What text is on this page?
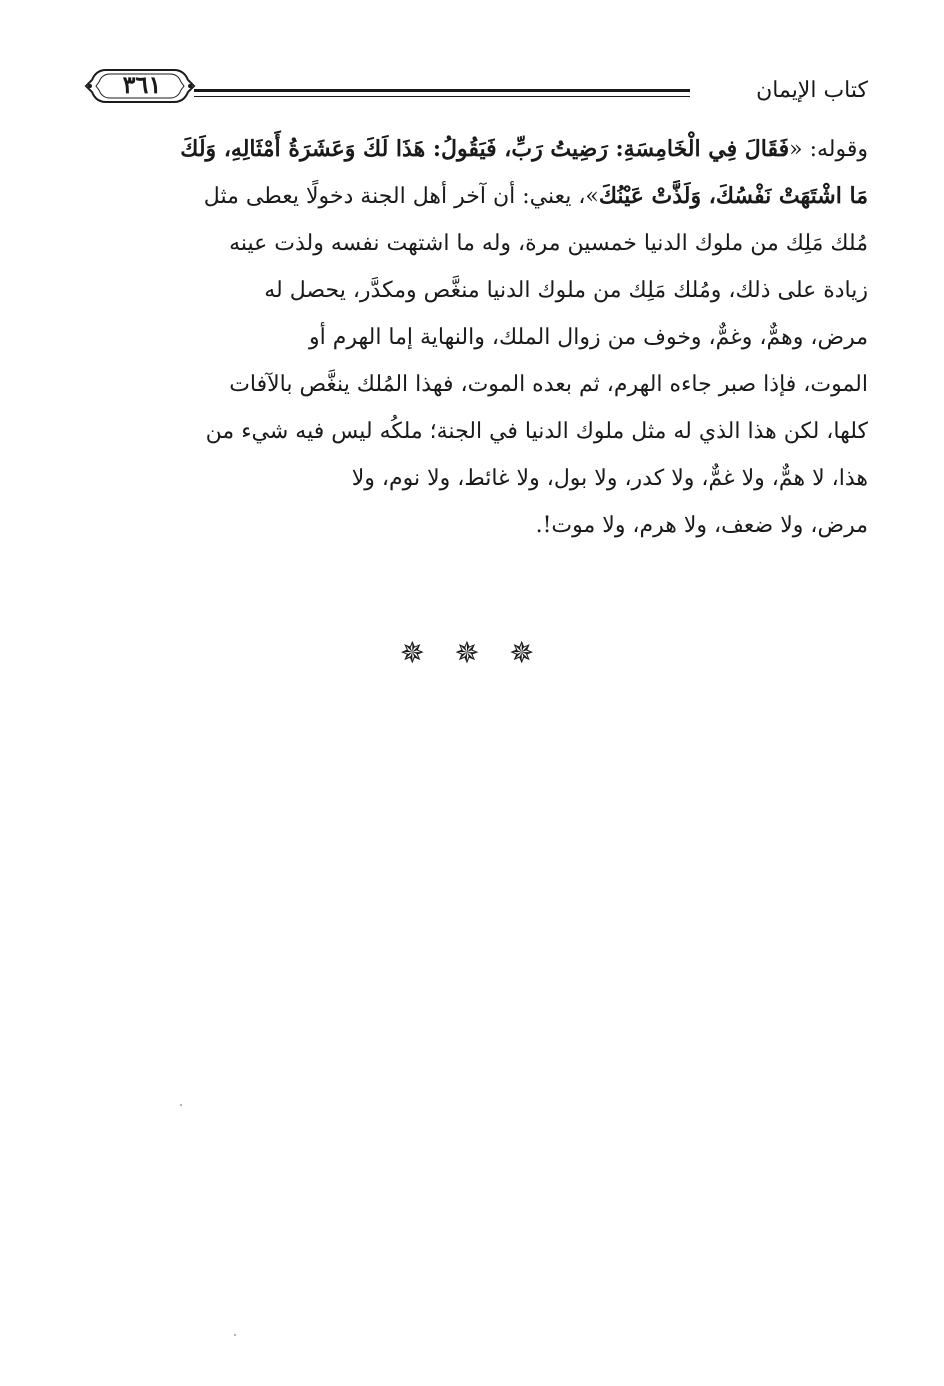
كتاب الإيمان
٣٦١
وقوله: «فَقَالَ فِي الْخَامِسَةِ: رَضِيتُ رَبِّ، فَيَقُولُ: هَذَا لَكَ وَعَشَرَةُ أَمْثَالِهِ، وَلَكَ
مَا اشْتَهَتْ نَفْسُكَ، وَلَذَّتْ عَيْنُكَ»، يعني: أن آخر أهل الجنة دخولًا يعطى مثل
مُلك مَلِك من ملوك الدنيا خمسين مرة، وله ما اشتهت نفسه ولذت عينه
زيادة على ذلك، ومُلك مَلِك من ملوك الدنيا منغَّص ومكدَّر، يحصل له
مرض، وهمٌّ، وغمٌّ، وخوف من زوال الملك، والنهاية إما الهرم أو
الموت، فإذا صبر جاءه الهرم، ثم بعده الموت، فهذا المُلك ينغَّص بالآفات
كلها، لكن هذا الذي له مثل ملوك الدنيا في الجنة؛ ملكُه ليس فيه شيء من
هذا، لا همٌّ، ولا غمٌّ، ولا كدر، ولا بول، ولا غائط، ولا نوم، ولا
مرض، ولا ضعف، ولا هرم، ولا موت!.
✵ ✵ ✵
